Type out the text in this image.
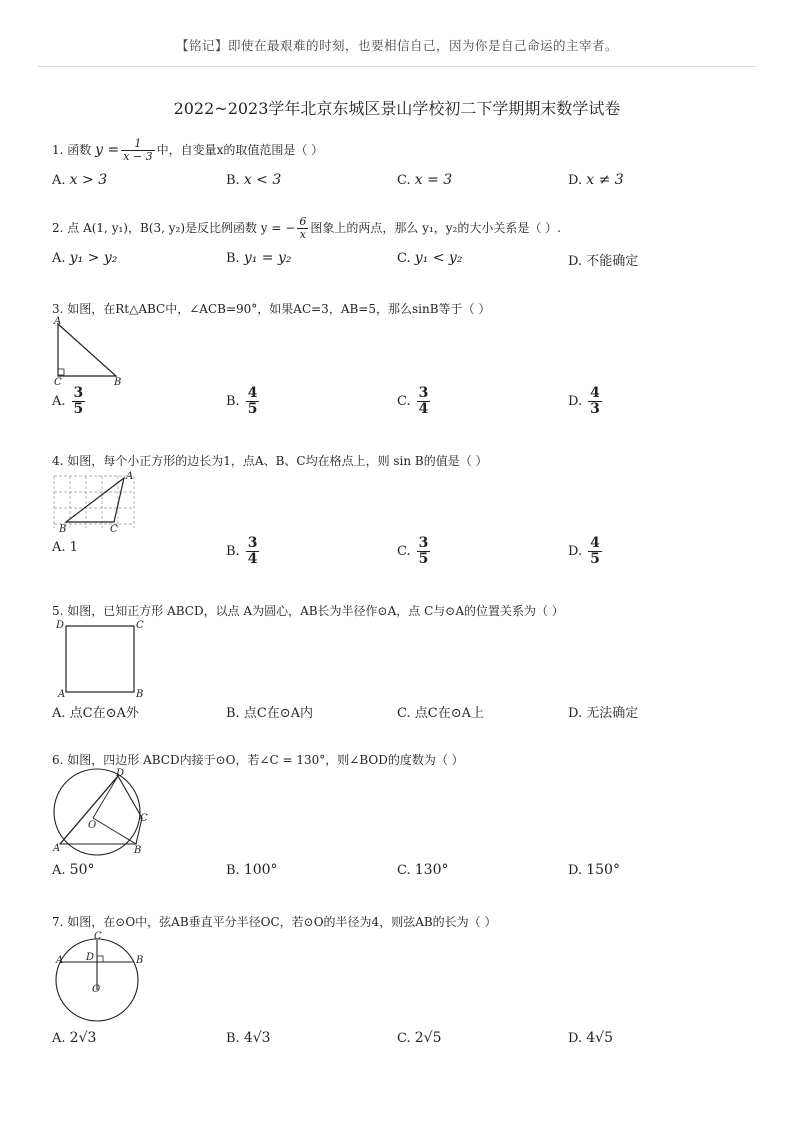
【铭记】即使在最艰难的时刻，也要相信自己，因为你是自己命运的主宰者。
2022~2023学年北京东城区景山学校初二下学期期末数学试卷
1. 函数 $y = \frac{1}{x - 3}$ 中，自变量x的取值范围是（ ）
A. x > 3	B. x < 3	C. x = 3	D. x ≠ 3
2. 点 A(1, y₁)，B(3, y₂)是反比例函数 y = − $\frac{6}{x}$ 图象上的两点，那么 y₁，y₂的大小关系是（ ）.
A. y₁ > y₂	B. y₁ = y₂	C. y₁ < y₂	D. 不能确定
3. 如图，在Rt△ABC中，∠ACB=90°，如果AC=3，AB=5，那么sinB等于（ ）
A
C	B
A. $\frac{3}{5}$	B. $\frac{4}{5}$	C. $\frac{3}{4}$	D. $\frac{4}{3}$
4. 如图，每个小正方形的边长为1，点A、B、C均在格点上，则 sin B的值是（ ）
A
B	C
A. 1	B. $\frac{3}{4}$	C. $\frac{3}{5}$	D. $\frac{4}{5}$
5. 如图，已知正方形 ABCD，以点 A为圆心，AB长为半径作⊙A，点 C与⊙A的位置关系为（ ）
D	C
A	B
A. 点C在⊙A外	B. 点C在⊙A内	C. 点C在⊙A上	D. 无法确定
6. 如图，四边形 ABCD内接于⊙O，若∠C = 130°，则∠BOD的度数为（ ）
D
C
O
A	B
A. 50°	B. 100°	C. 130°	D. 150°
7. 如图，在⊙O中，弦AB垂直平分半径OC，若⊙O的半径为4，则弦AB的长为（ ）
C
D
A	B
O
A. 2√3	B. 4√3	C. 2√5	D. 4√5
